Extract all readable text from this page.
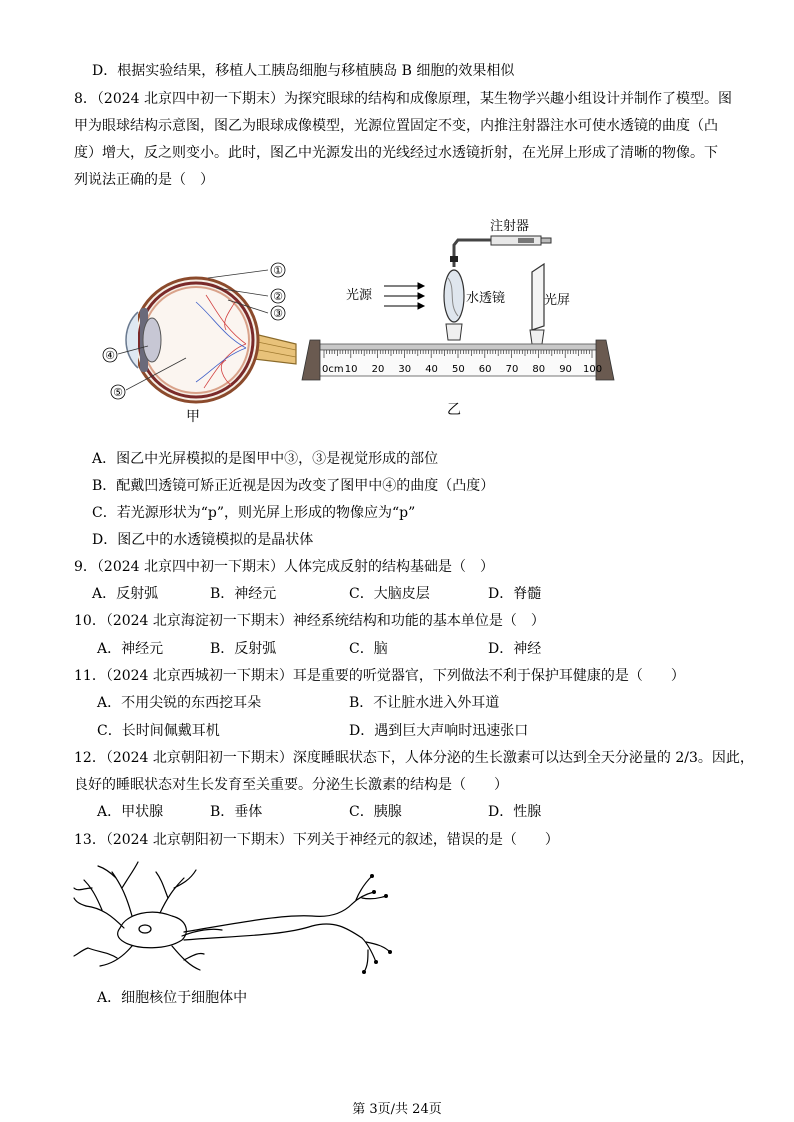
D．根据实验结果，移植人工胰岛细胞与移植胰岛 B 细胞的效果相似
8．（2024 北京四中初一下期末）为探究眼球的结构和成像原理，某生物学兴趣小组设计并制作了模型。图
甲为眼球结构示意图，图乙为眼球成像模型，光源位置固定不变，内推注射器注水可使水透镜的曲度（凸
度）增大，反之则变小。此时，图乙中光源发出的光线经过水透镜折射，在光屏上形成了清晰的物像。下
列说法正确的是（　）
①
②
③
④
⑤
甲
注射器
光源	水透镜	光屏
0cm 10 20 30 40 50 60 70 80 90 100
乙
A．图乙中光屏模拟的是图甲中③，③是视觉形成的部位
B．配戴凹透镜可矫正近视是因为改变了图甲中④的曲度（凸度）
C．若光源形状为“p”，则光屏上形成的物像应为“p”
D．图乙中的水透镜模拟的是晶状体
9．（2024 北京四中初一下期末）人体完成反射的结构基础是（　）
A．反射弧	B．神经元	C．大脑皮层	D．脊髓
10．（2024 北京海淀初一下期末）神经系统结构和功能的基本单位是（　）
A．神经元	B．反射弧	C．脑	D．神经
11．（2024 北京西城初一下期末）耳是重要的听觉器官，下列做法不利于保护耳健康的是（　　）
A．不用尖锐的东西挖耳朵	B．不让脏水进入外耳道
C．长时间佩戴耳机	D．遇到巨大声响时迅速张口
12．（2024 北京朝阳初一下期末）深度睡眠状态下，人体分泌的生长激素可以达到全天分泌量的 2/3。因此，
良好的睡眠状态对生长发育至关重要。分泌生长激素的结构是（　　）
A．甲状腺	B．垂体	C．胰腺	D．性腺
13．（2024 北京朝阳初一下期末）下列关于神经元的叙述，错误的是（　　）
A．细胞核位于细胞体中
第 3页/共 24页
